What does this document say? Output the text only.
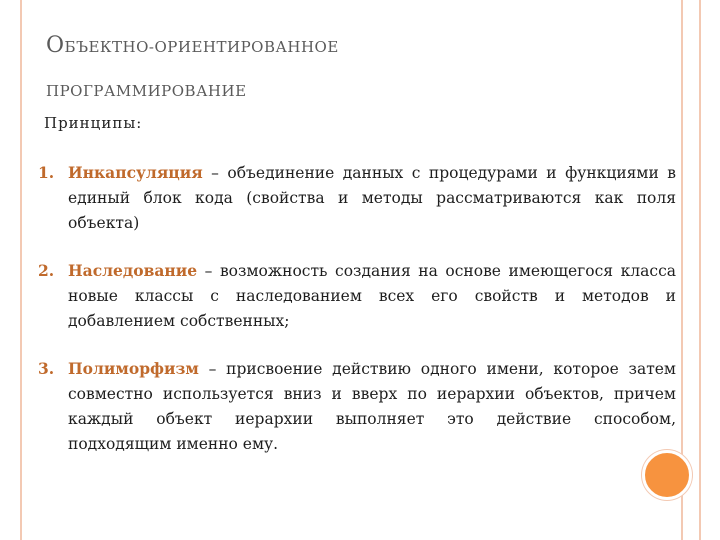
ОБЪЕКТНО-ОРИЕНТИРОВАННОЕ
ПРОГРАММИРОВАНИЕ
Принципы:
1. Инкапсуляция – объединение данных с процедурами и функциями в единый блок кода (свойства и методы рассматриваются как поля объекта)
2. Наследование – возможность создания на основе имеющегося класса новые классы с наследованием всех его свойств и методов и добавлением собственных;
3. Полиморфизм – присвоение действию одного имени, которое затем совместно используется вниз и вверх по иерархии объектов, причем каждый объект иерархии выполняет это действие способом, подходящим именно ему.
